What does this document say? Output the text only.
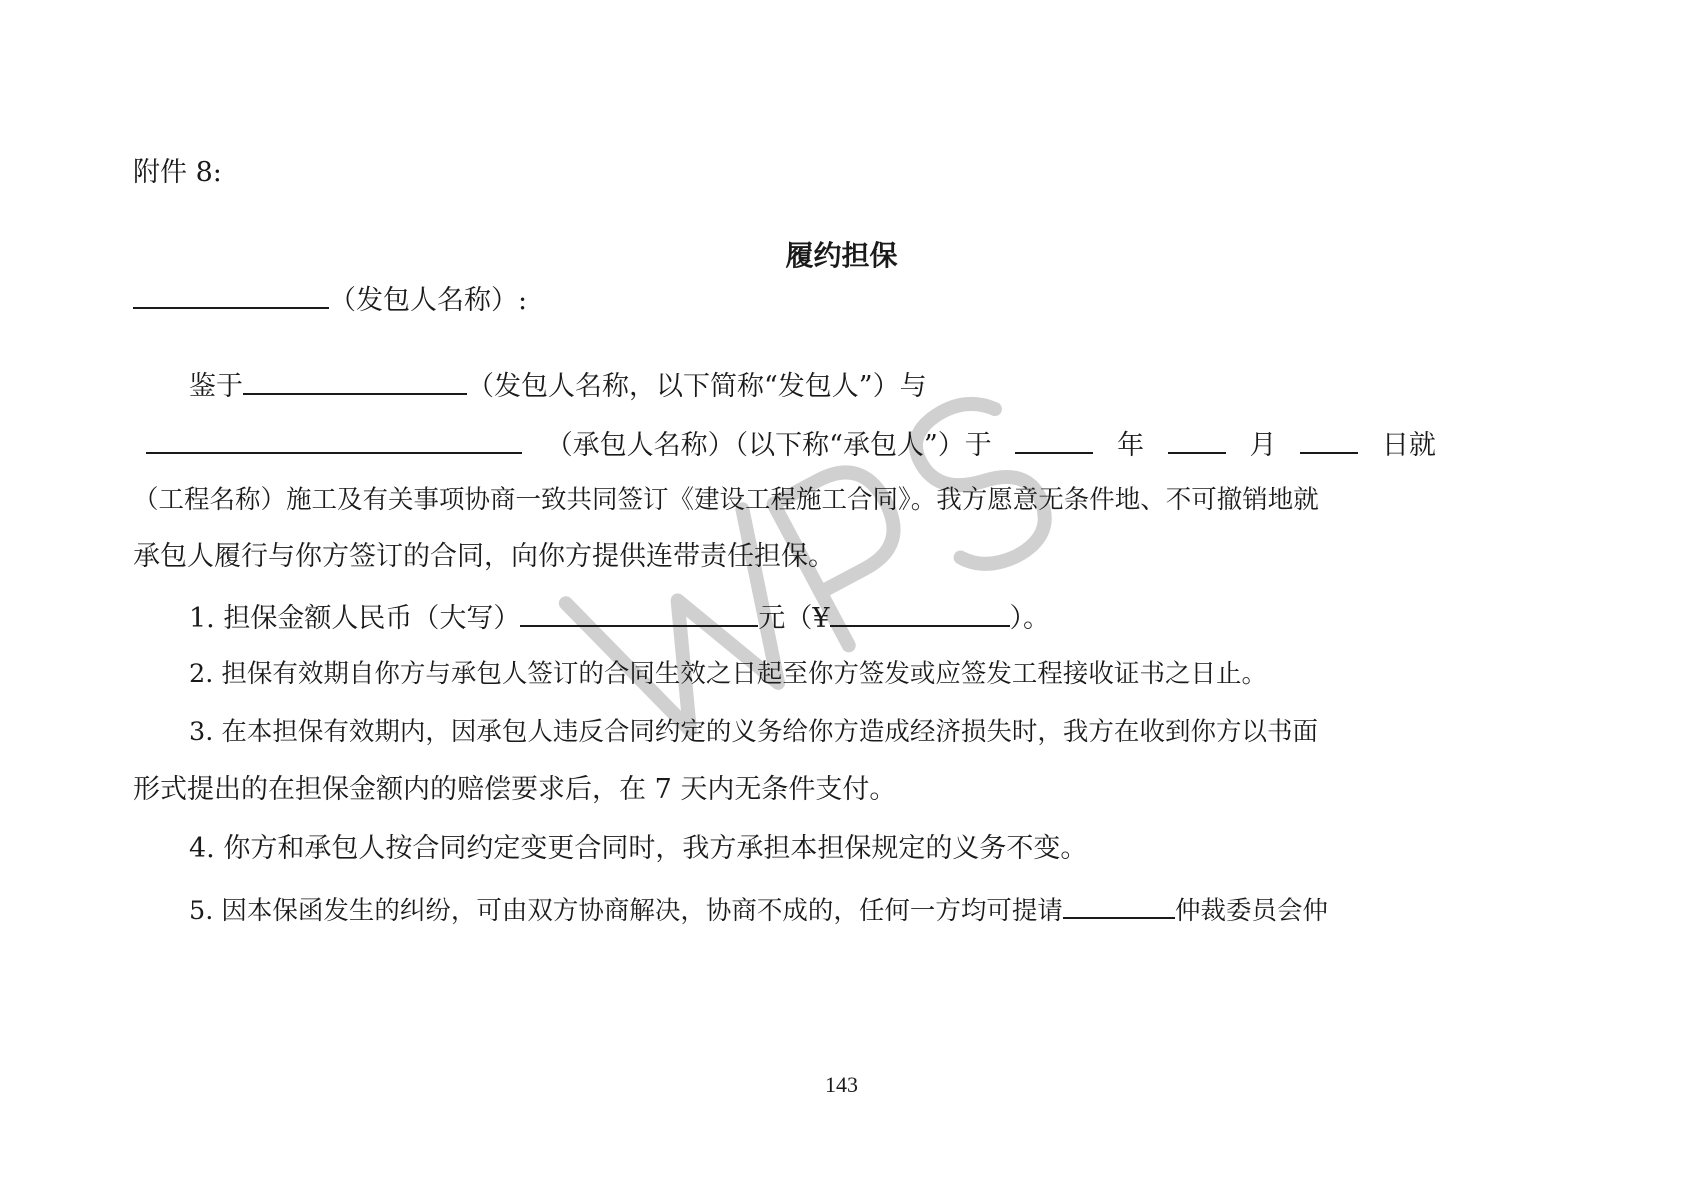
附件 8:
履约担保
（发包人名称）:
鉴于	（发包人名称，以下简称“发包人”）与
（承包人名称）（以下称“承包人”）于	年	月	日就
（工程名称）施工及有关事项协商一致共同签订《建设工程施工合同》。我方愿意无条件地、不可撤销地就
承包人履行与你方签订的合同，向你方提供连带责任担保。
1. 担保金额人民币（大写）	元（¥	）。
2. 担保有效期自你方与承包人签订的合同生效之日起至你方签发或应签发工程接收证书之日止。
3. 在本担保有效期内，因承包人违反合同约定的义务给你方造成经济损失时，我方在收到你方以书面
形式提出的在担保金额内的赔偿要求后，在 7 天内无条件支付。
4. 你方和承包人按合同约定变更合同时，我方承担本担保规定的义务不变。
5. 因本保函发生的纠纷，可由双方协商解决，协商不成的，任何一方均可提请	仲裁委员会仲
143
